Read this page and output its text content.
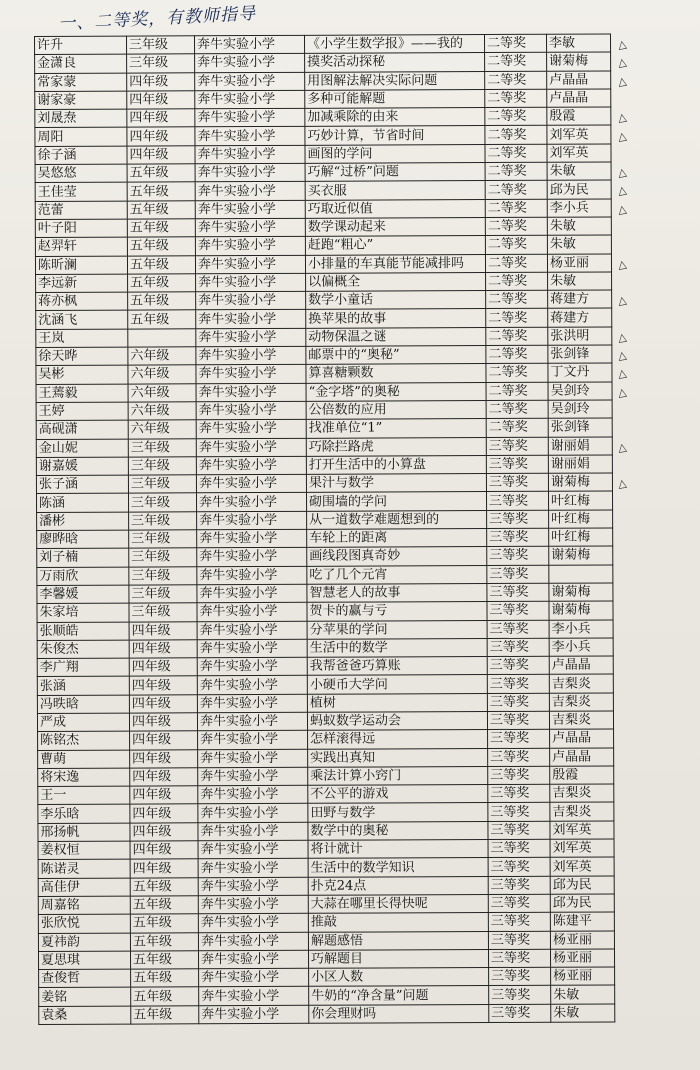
一、二等奖，有教师指导
许升	三年级	奔牛实验小学	《小学生数学报》——我的	二等奖	李敏
金潇良	三年级	奔牛实验小学	摸奖活动探秘	二等奖	谢菊梅
常家蒙	四年级	奔牛实验小学	用图解法解决实际问题	二等奖	卢晶晶
谢家豪	四年级	奔牛实验小学	多种可能解题	二等奖	卢晶晶
刘晟焘	四年级	奔牛实验小学	加减乘除的由来	二等奖	殷霞
周阳	四年级	奔牛实验小学	巧妙计算，节省时间	二等奖	刘军英
徐子涵	四年级	奔牛实验小学	画图的学问	二等奖	刘军英
吴悠悠	五年级	奔牛实验小学	巧解“过桥”问题	二等奖	朱敏
王佳莹	五年级	奔牛实验小学	买衣服	二等奖	邱为民
范蕾	五年级	奔牛实验小学	巧取近似值	二等奖	李小兵
叶子阳	五年级	奔牛实验小学	数学课动起来	二等奖	朱敏
赵羿轩	五年级	奔牛实验小学	赶跑“粗心”	二等奖	朱敏
陈昕澜	五年级	奔牛实验小学	小排量的车真能节能减排吗	二等奖	杨亚丽
李远新	五年级	奔牛实验小学	以偏概全	二等奖	朱敏
蒋亦枫	五年级	奔牛实验小学	数学小童话	二等奖	蒋建方
沈涵飞	五年级	奔牛实验小学	换苹果的故事	二等奖	蒋建方
王岚		奔牛实验小学	动物保温之谜	二等奖	张洪明
徐天晔	六年级	奔牛实验小学	邮票中的“奥秘”	二等奖	张剑锋
吴彬	六年级	奔牛实验小学	算喜糖颗数	二等奖	丁文丹
王蔫毅	六年级	奔牛实验小学	“金字塔”的奥秘	二等奖	吴剑玲
王婷	六年级	奔牛实验小学	公倍数的应用	二等奖	吴剑玲
高砚潇	六年级	奔牛实验小学	找准单位“1”	二等奖	张剑锋
金山妮	三年级	奔牛实验小学	巧除拦路虎	三等奖	谢丽娟
谢嘉媛	三年级	奔牛实验小学	打开生活中的小算盘	三等奖	谢丽娟
张子涵	三年级	奔牛实验小学	果汁与数学	三等奖	谢菊梅
陈涵	三年级	奔牛实验小学	砌围墙的学问	三等奖	叶红梅
潘彬	三年级	奔牛实验小学	从一道数学难题想到的	三等奖	叶红梅
廖晔晗	三年级	奔牛实验小学	车轮上的距离	三等奖	叶红梅
刘子楠	三年级	奔牛实验小学	画线段图真奇妙	三等奖	谢菊梅
万雨欣	三年级	奔牛实验小学	吃了几个元宵	三等奖	
李馨媛	三年级	奔牛实验小学	智慧老人的故事	三等奖	谢菊梅
朱家培	三年级	奔牛实验小学	贺卡的赢与亏	三等奖	谢菊梅
张顺皓	四年级	奔牛实验小学	分苹果的学问	三等奖	李小兵
朱俊杰	四年级	奔牛实验小学	生活中的数学	三等奖	李小兵
李广翔	四年级	奔牛实验小学	我帮爸爸巧算账	三等奖	卢晶晶
张涵	四年级	奔牛实验小学	小硬币大学问	三等奖	吉梨炎
冯昳晗	四年级	奔牛实验小学	植树	三等奖	吉梨炎
严成	四年级	奔牛实验小学	蚂蚁数学运动会	三等奖	吉梨炎
陈铭杰	四年级	奔牛实验小学	怎样滚得远	三等奖	卢晶晶
曹萌	四年级	奔牛实验小学	实践出真知	三等奖	卢晶晶
将宋逸	四年级	奔牛实验小学	乘法计算小窍门	三等奖	殷霞
王一	四年级	奔牛实验小学	不公平的游戏	三等奖	吉梨炎
李乐晗	四年级	奔牛实验小学	田野与数学	三等奖	吉梨炎
邢扬帆	四年级	奔牛实验小学	数学中的奥秘	三等奖	刘军英
姜权恒	四年级	奔牛实验小学	将计就计	三等奖	刘军英
陈诺灵	四年级	奔牛实验小学	生活中的数学知识	三等奖	刘军英
高佳伊	五年级	奔牛实验小学	扑克24点	三等奖	邱为民
周嘉铭	五年级	奔牛实验小学	大蒜在哪里长得快呢	三等奖	邱为民
张欣悦	五年级	奔牛实验小学	推敲	三等奖	陈建平
夏祎韵	五年级	奔牛实验小学	解题感悟	三等奖	杨亚丽
夏思琪	五年级	奔牛实验小学	巧解题目	三等奖	杨亚丽
查俊哲	五年级	奔牛实验小学	小区人数	三等奖	杨亚丽
姜铭	五年级	奔牛实验小学	牛奶的“净含量”问题	三等奖	朱敏
袁桑	五年级	奔牛实验小学	你会理财吗	三等奖	朱敏
△
△
△
△
△
△
△
△
△
△
△
△
△
△
△
△
